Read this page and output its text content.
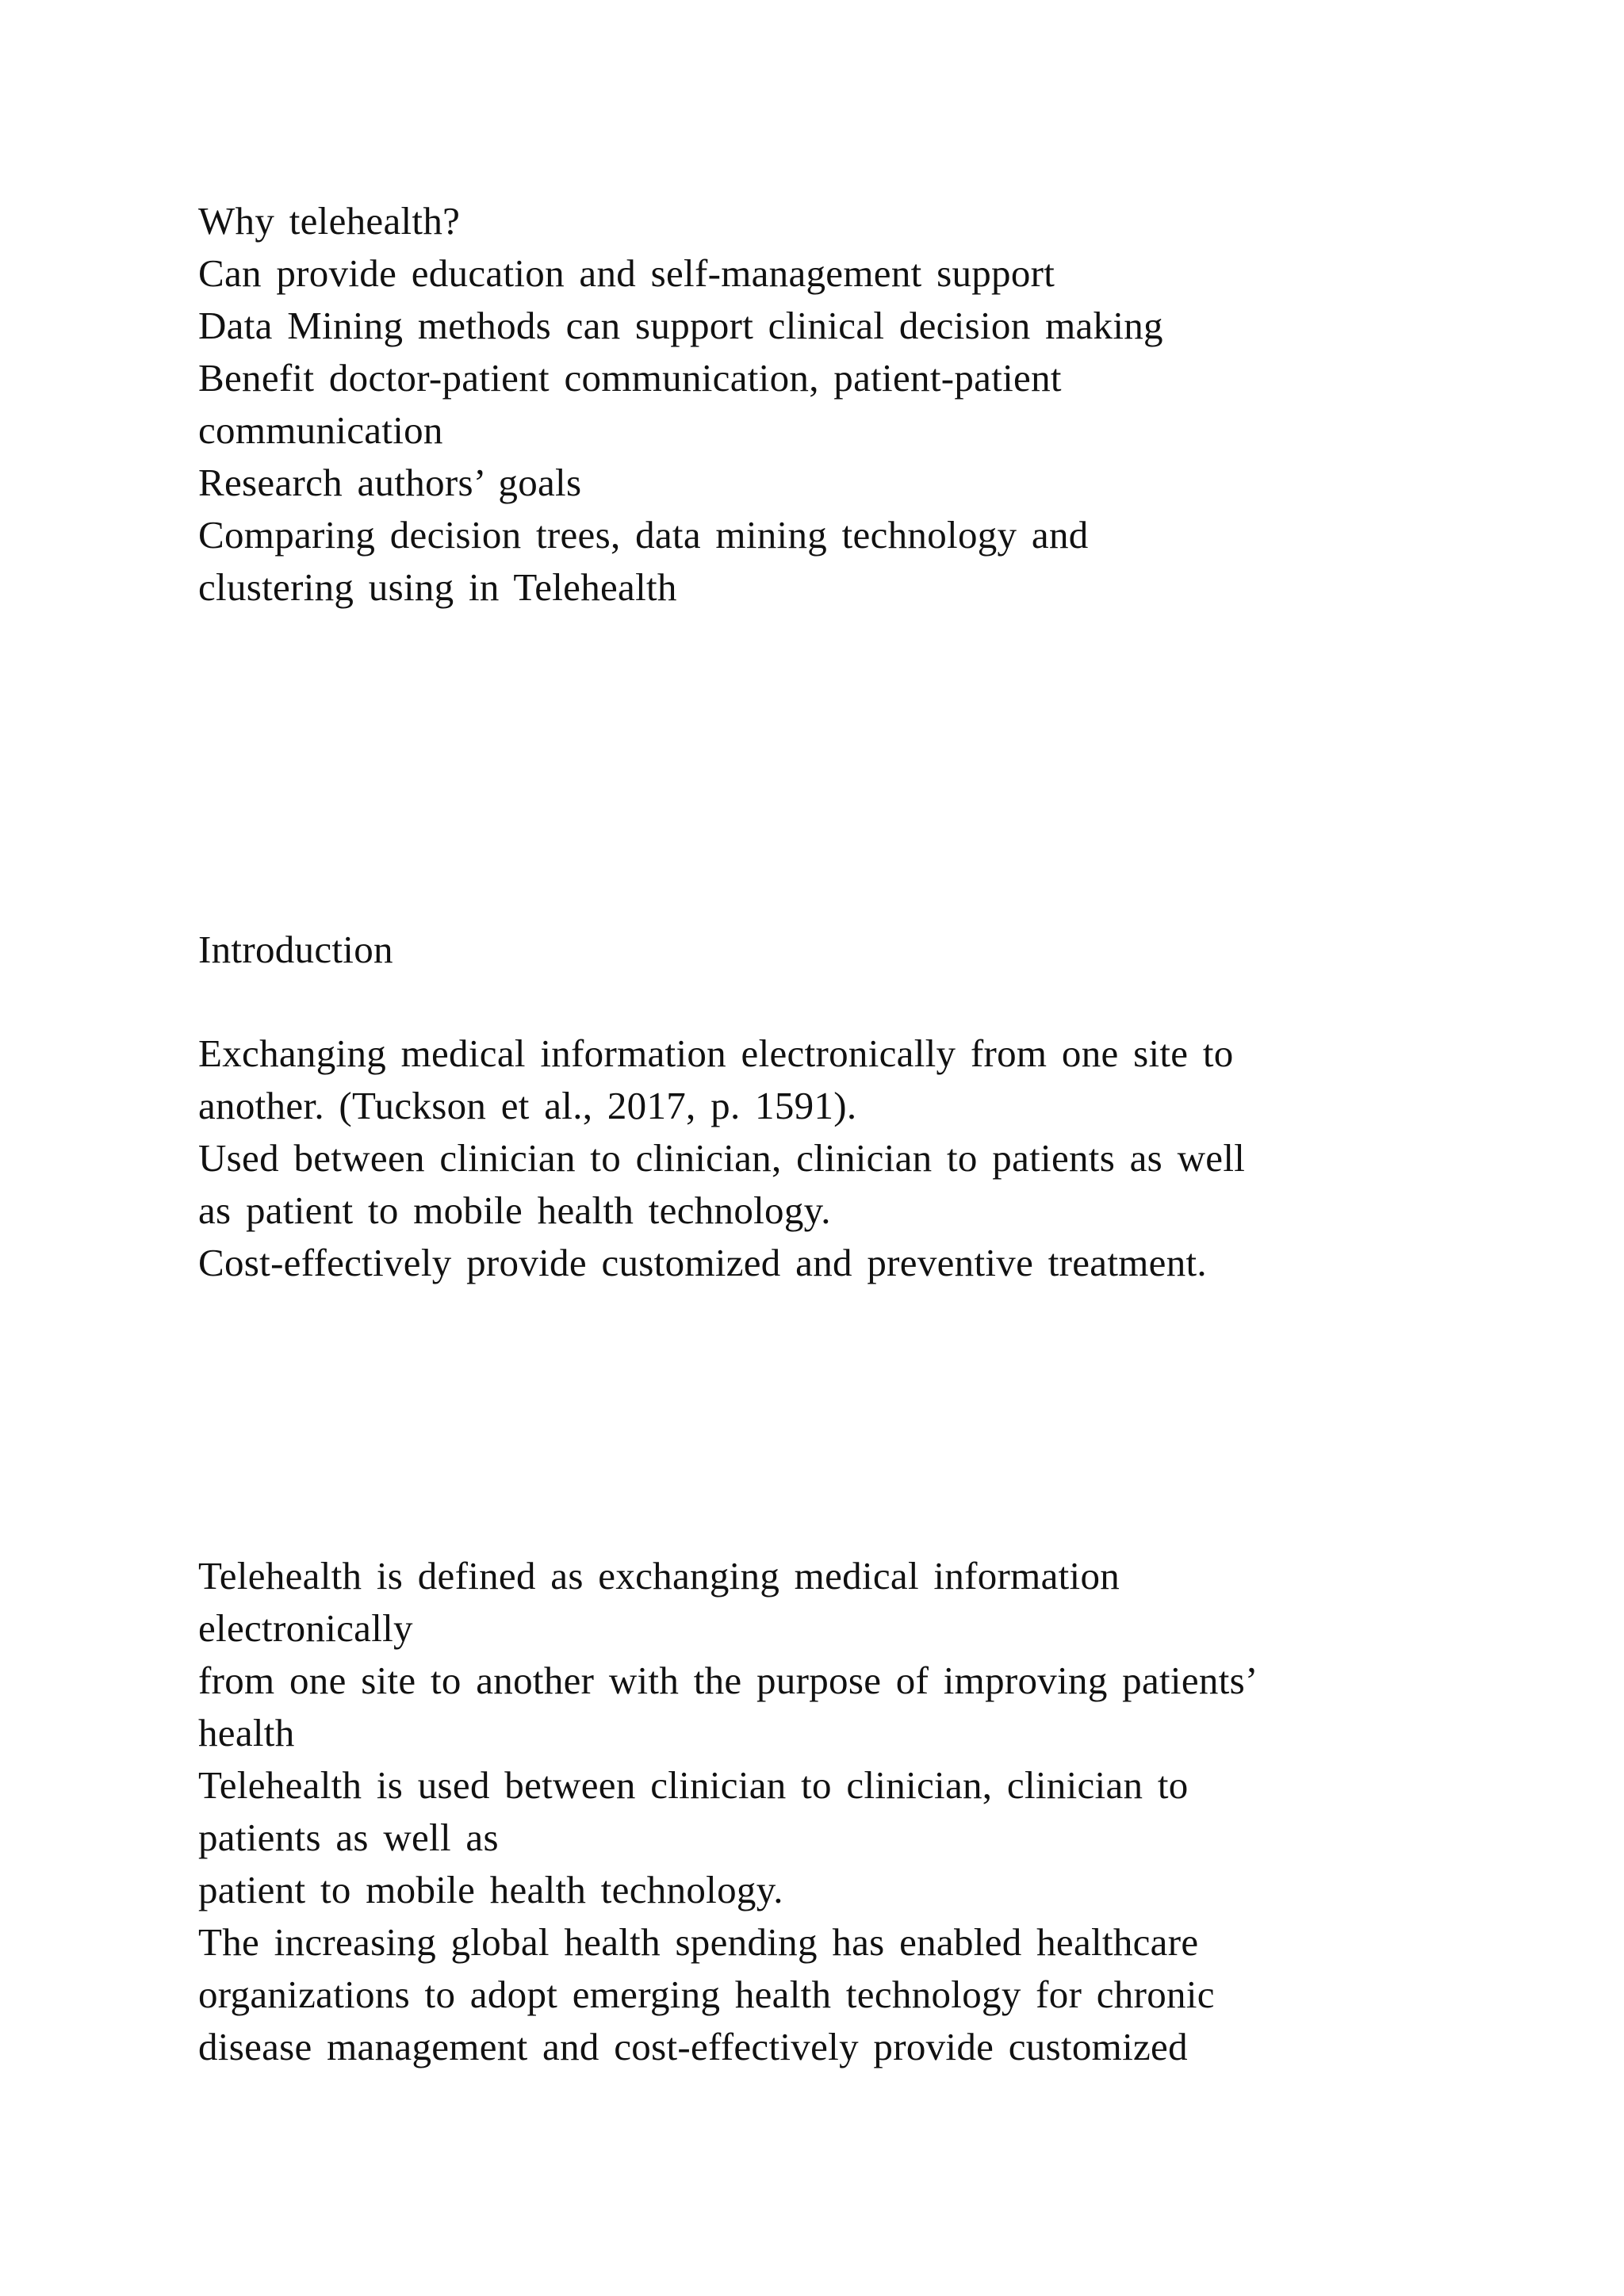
Why telehealth?
Can provide education and self-management support
Data Mining methods can support clinical decision making
Benefit doctor-patient communication, patient-patient
communication
Research authors’ goals
Comparing decision trees, data mining technology and
clustering using in Telehealth
Introduction
Exchanging medical information electronically from one site to
another. (Tuckson et al., 2017, p. 1591).
Used between clinician to clinician, clinician to patients as well
as patient to mobile health technology.
Cost-effectively provide customized and preventive treatment.
Telehealth is defined as exchanging medical information
electronically
from one site to another with the purpose of improving patients’
health
Telehealth is used between clinician to clinician, clinician to
patients as well as
patient to mobile health technology.
The increasing global health spending has enabled healthcare
organizations to adopt emerging health technology for chronic
disease management and cost-effectively provide customized
